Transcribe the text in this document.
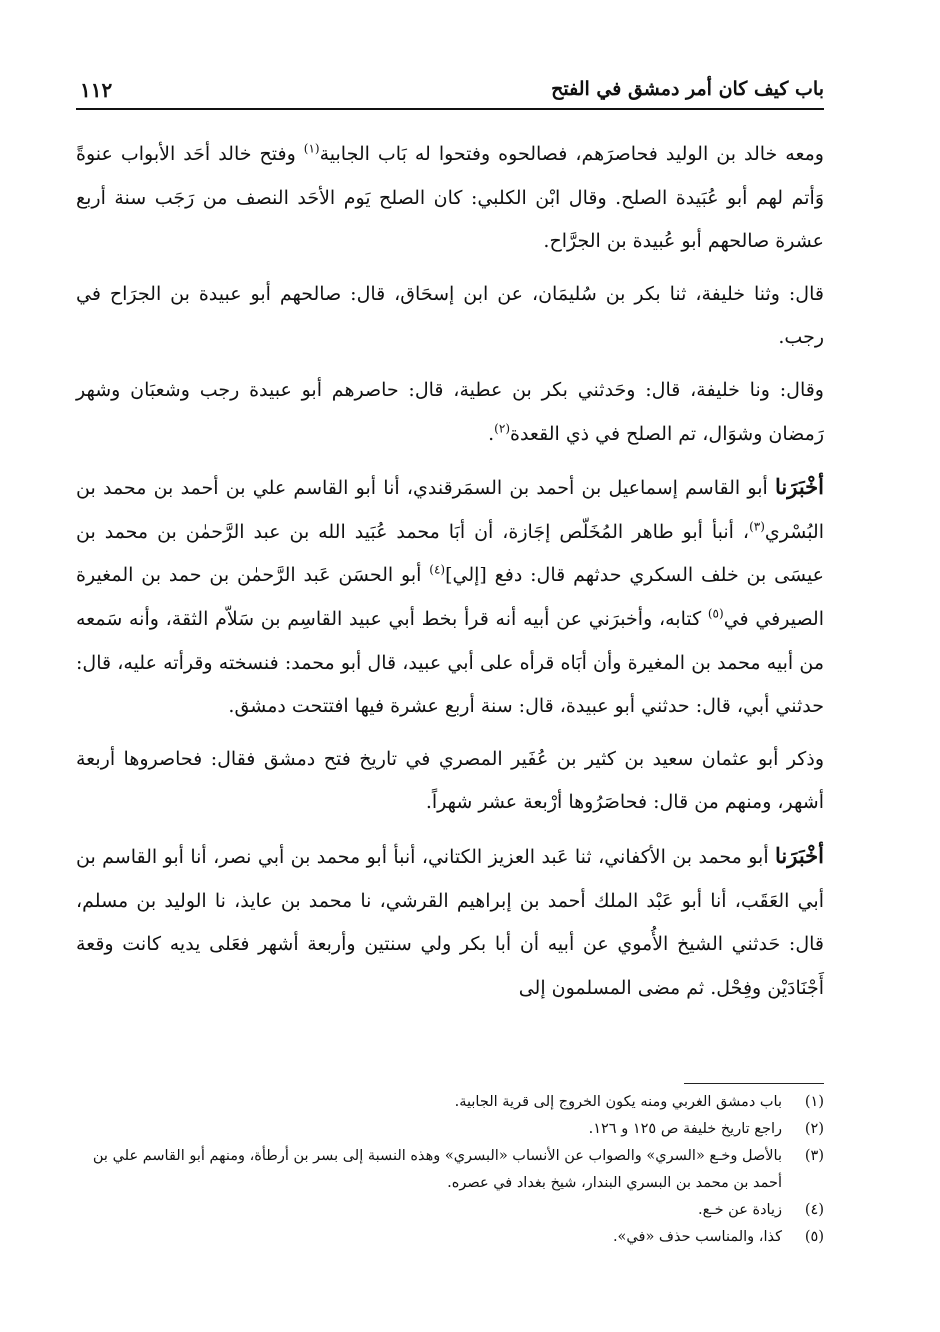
باب كيف كان أمر دمشق في الفتح
١١٢

ومعه خالد بن الوليد فحاصرَهم، فصالحوه وفتحوا له بَاب الجابية$^{(١)}$ وفتح خالد أحَد الأبواب عنوةً وَأتم لهم أبو عُبَيدة الصلح. وقال ابْن الكلبي: كان الصلح يَوم الأحَد النصف من رَجَب سنة أربع عشرة صالحهم أبو عُبيدة بن الجرَّاح.

قال: وثنا خليفة، ثنا بكر بن سُليمَان، عن ابن إسحَاق، قال: صالحهم أبو عبيدة بن الجرَاح في رجب.

وقال: ونا خليفة، قال: وحَدثني بكر بن عطية، قال: حاصرهم أبو عبيدة رجب وشعبَان وشهر رَمضان وشوَال، تم الصلح في ذي القعدة$^{(٢)}$.

أخْبَرَنا أبو القاسم إسماعيل بن أحمد بن السمَرقندي، أنا أبو القاسم علي بن أحمد بن محمد بن البُسْري$^{(٣)}$، أنبأ أبو طاهر المُخَلّص إجَازة، أن أبَا محمد عُبَيد الله بن عبد الرَّحمٰن بن محمد بن عيسَى بن خلف السكري حدثهم قال: دفع [إلي]$^{(٤)}$ أبو الحسَن عَبد الرَّحمٰن بن حمد بن المغيرة الصيرفي في$^{(٥)}$ كتابه، وأخبرَني عن أبيه أنه قرأ بخط أبي عبيد القاسِم بن سَلاّم الثقة، وأنه سَمعه من أبيه محمد بن المغيرة وأن أبَاه قرأه على أبي عبيد، قال أبو محمد: فنسخته وقرأته عليه، قال: حدثني أبي، قال: حدثني أبو عبيدة، قال: سنة أربع عشرة فيها افتتحت دمشق.

وذكر أبو عثمان سعيد بن كثير بن عُفَير المصري في تاريخ فتح دمشق فقال: فحاصروها أربعة أشهر، ومنهم من قال: فحاصَرُوها أرْبعة عشر شهراً.

أخْبَرَنا أبو محمد بن الأكفاني، ثنا عَبد العزيز الكتاني، أنبأ أبو محمد بن أبي نصر، أنا أبو القاسم بن أبي العَقَب، أنا أبو عَبْد الملك أحمد بن إبراهيم القرشي، نا محمد بن عايذ، نا الوليد بن مسلم، قال: حَدثني الشيخ الأُموي عن أبيه أن أبا بكر ولي سنتين وأربعة أشهر فعَلى يديه كانت وقعة أَجْنَادَيْن وفِحْل. ثم مضى المسلمون إلى

(١)
باب دمشق الغربي ومنه يكون الخروج إلى قرية الجابية.
(٢)
راجع تاريخ خليفة ص ١٢٥ و ١٢٦.
(٣)
بالأصل وخـع «السري» والصواب عن الأنساب «البسري» وهذه النسبة إلى بسر بن أرطأة، ومنهم أبو القاسم علي بن أحمد بن محمد بن البسري البندار، شيخ بغداد في عصره.
(٤)
زيادة عن خـع.
(٥)
كذا، والمناسب حذف «في».
